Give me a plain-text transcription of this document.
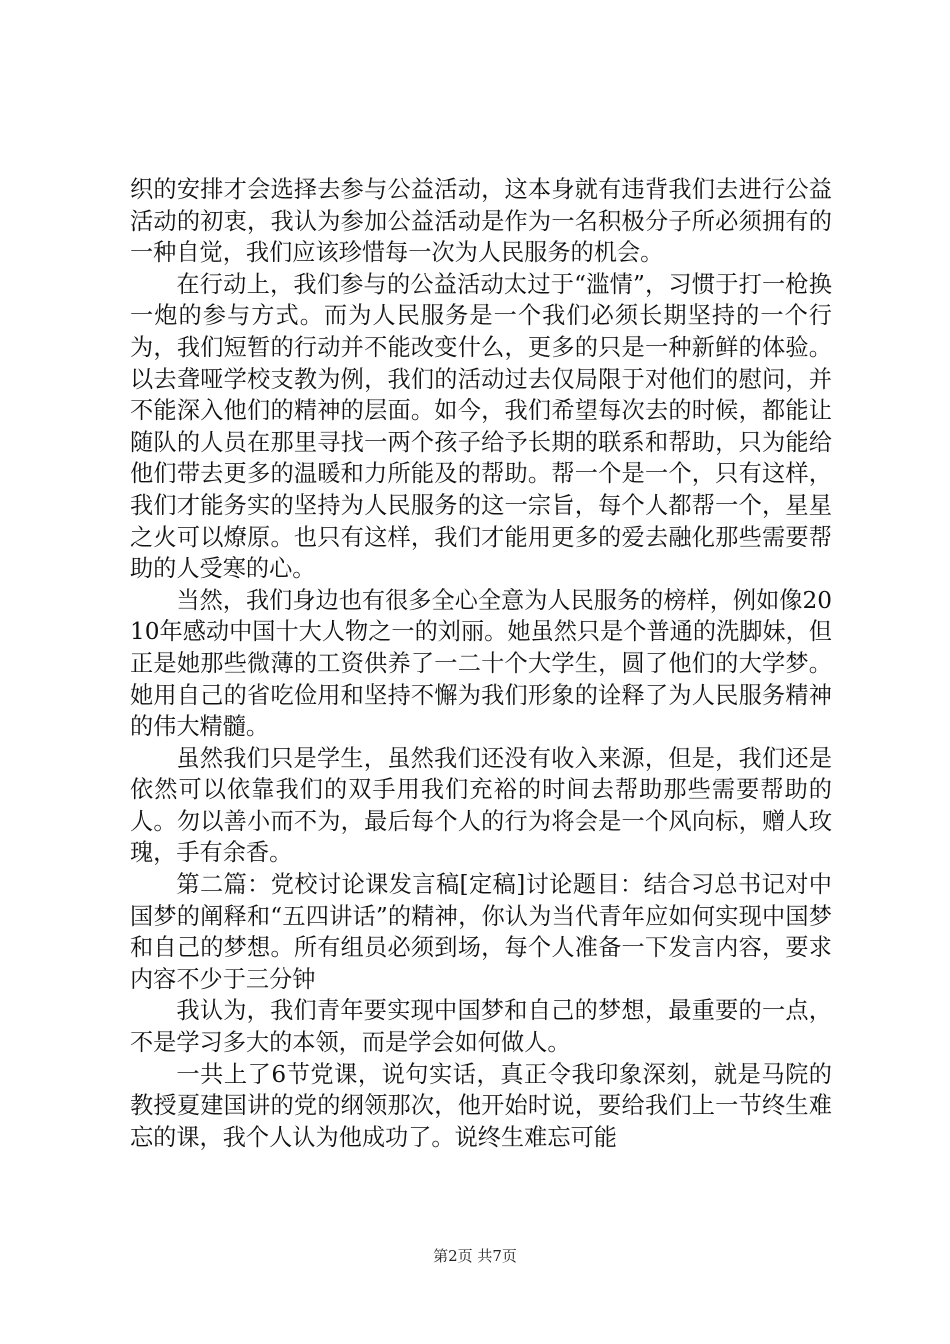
织的安排才会选择去参与公益活动，这本身就有违背我们去进行公益活动的初衷，我认为参加公益活动是作为一名积极分子所必须拥有的一种自觉，我们应该珍惜每一次为人民服务的机会。

在行动上，我们参与的公益活动太过于“滥情”，习惯于打一枪换一炮的参与方式。而为人民服务是一个我们必须长期坚持的一个行为，我们短暂的行动并不能改变什么，更多的只是一种新鲜的体验。以去聋哑学校支教为例，我们的活动过去仅局限于对他们的慰问，并不能深入他们的精神的层面。如今，我们希望每次去的时候，都能让随队的人员在那里寻找一两个孩子给予长期的联系和帮助，只为能给他们带去更多的温暖和力所能及的帮助。帮一个是一个，只有这样，我们才能务实的坚持为人民服务的这一宗旨，每个人都帮一个，星星之火可以燎原。也只有这样，我们才能用更多的爱去融化那些需要帮助的人受寒的心。

当然，我们身边也有很多全心全意为人民服务的榜样，例如像2010年感动中国十大人物之一的刘丽。她虽然只是个普通的洗脚妹，但正是她那些微薄的工资供养了一二十个大学生，圆了他们的大学梦。她用自己的省吃俭用和坚持不懈为我们形象的诠释了为人民服务精神的伟大精髓。

虽然我们只是学生，虽然我们还没有收入来源，但是，我们还是依然可以依靠我们的双手用我们充裕的时间去帮助那些需要帮助的人。勿以善小而不为，最后每个人的行为将会是一个风向标，赠人玫瑰，手有余香。

第二篇：党校讨论课发言稿[定稿]讨论题目：结合习总书记对中国梦的阐释和“五四讲话”的精神，你认为当代青年应如何实现中国梦和自己的梦想。所有组员必须到场，每个人准备一下发言内容，要求内容不少于三分钟

我认为，我们青年要实现中国梦和自己的梦想，最重要的一点，不是学习多大的本领，而是学会如何做人。

一共上了6节党课，说句实话，真正令我印象深刻，就是马院的教授夏建国讲的党的纲领那次，他开始时说，要给我们上一节终生难忘的课，我个人认为他成功了。说终生难忘可能

第2页 共7页
